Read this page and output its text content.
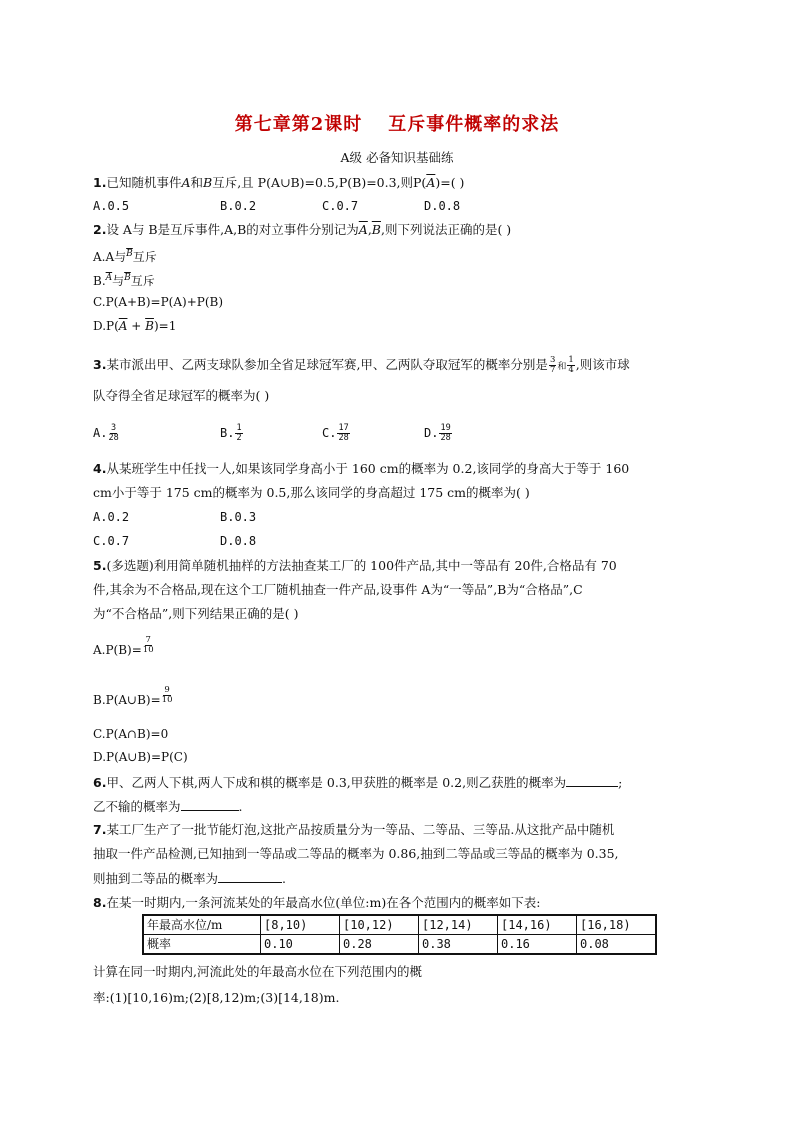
第七章第2课时 互斥事件概率的求法
A级 必备知识基础练
1.已知随机事件A和B互斥,且 P(A∪B)=0.5,P(B)=0.3,则$P(\overline{A})=$( )
A.0.5	B.0.2	C.0.7	D.0.8
2.设 A与 B是互斥事件,A,B的对立事件分别记为$\overline{A},\overline{B}$,则下列说法正确的是( )
A.A与$^{\overline{B}}$互斥
B.$^{\overline{A}}$与$^{\overline{B}}$互斥
C.P(A+B)=P(A)+P(B)
$D.P(\overline{A} + \overline{B})=1$
3.某市派出甲、乙两支球队参加全省足球冠军赛,甲、乙两队夺取冠军的概率分别是 $\frac{3}{7}$ 和 $\frac{1}{4}$ ,则该市球
队夺得全省足球冠军的概率为( )
A. $\frac{3}{28}$	B. $\frac{1}{2}$	C. $\frac{17}{28}$	D. $\frac{19}{28}$
4.从某班学生中任找一人,如果该同学身高小于 160 cm的概率为 0.2,该同学的身高大于等于 160
cm小于等于 175 cm的概率为 0.5,那么该同学的身高超过 175 cm的概率为( )
A.0.2	B.0.3
C.0.7	D.0.8
5.(多选题)利用简单随机抽样的方法抽查某工厂的 100件产品,其中一等品有 20件,合格品有 70
件,其余为不合格品,现在这个工厂随机抽查一件产品,设事件 A为“一等品”,B为“合格品”,C
为“不合格品”,则下列结果正确的是( )
$A.P(B)= \frac{7}{10}$
B.P(A∪B)= $\frac{9}{10}$
C.P(A∩B)=0
D.P(A∪B)=P(C)
6.甲、乙两人下棋,两人下成和棋的概率是 0.3,甲获胜的概率是 0.2,则乙获胜的概率为	;
乙不输的概率为	.
7.某工厂生产了一批节能灯泡,这批产品按质量分为一等品、二等品、三等品.从这批产品中随机
抽取一件产品检测,已知抽到一等品或二等品的概率为 0.86,抽到二等品或三等品的概率为 0.35,
则抽到二等品的概率为	.
8.在某一时期内,一条河流某处的年最高水位(单位:m)在各个范围内的概率如下表:
年最高水位/m	[8,10)	[10,12)	[12,14)	[14,16)	[16,18)
概率	0.10	0.28	0.38	0.16	0.08
计算在同一时期内,河流此处的年最高水位在下列范围内的概
率:(1)[10,16)m;(2)[8,12)m;(3)[14,18)m.
